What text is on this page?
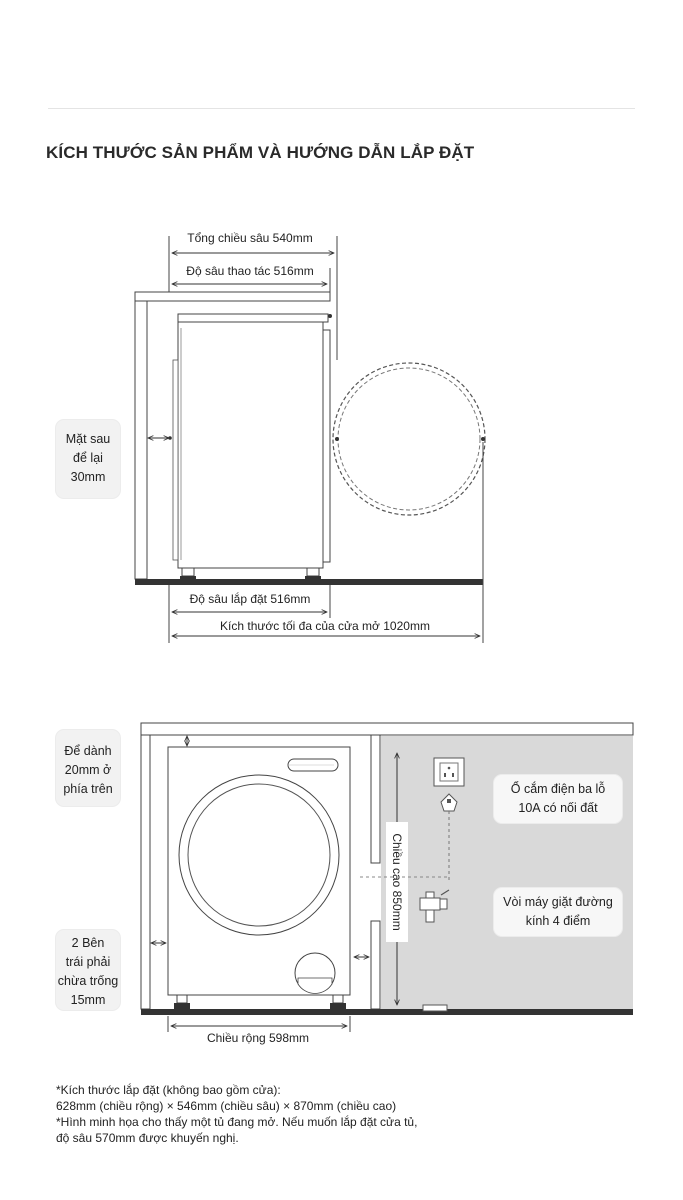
KÍCH THƯỚC SẢN PHẨM VÀ HƯỚNG DẪN LẮP ĐẶT
Tổng chiều sâu 540mm
Độ sâu thao tác 516mm
Độ sâu lắp đặt 516mm
Kích thước tối đa của cửa mở 1020mm
Chiều rộng 598mm
Chiều cao 850mm
Mặt sau
để lại
30mm
Để dành
20mm ở
phía trên
2 Bên
trái phải
chừa trống
15mm
Ổ cắm điện ba lỗ
10A có nối đất
Vòi máy giặt đường
kính 4 điểm
*Kích thước lắp đặt (không bao gồm cửa):
628mm (chiều rộng) × 546mm (chiều sâu) × 870mm (chiều cao)
*Hình minh họa cho thấy một tủ đang mở. Nếu muốn lắp đặt cửa tủ,
độ sâu 570mm được khuyến nghị.
